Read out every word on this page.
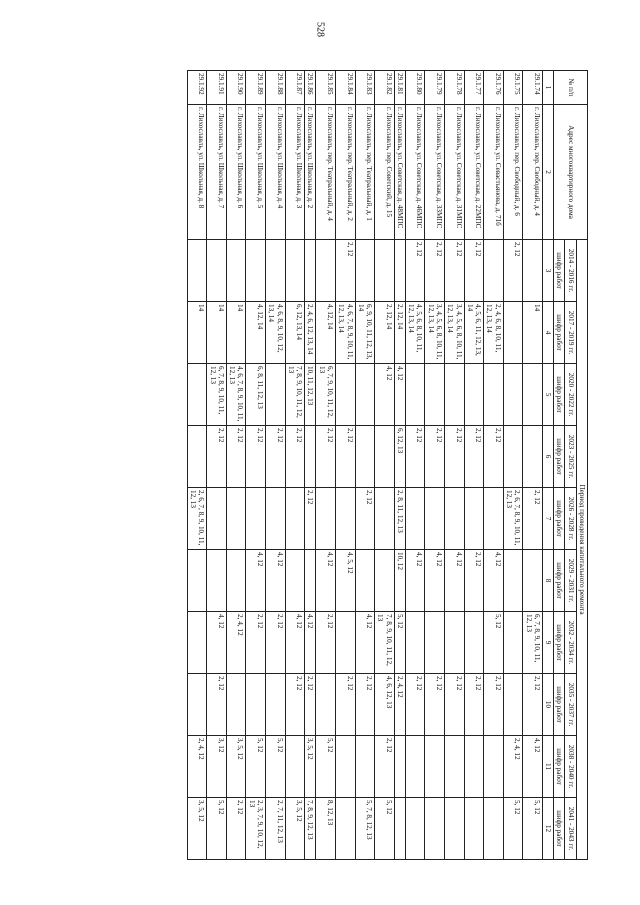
528
№ п/п	Адрес многоквартирного дома	Период проведения капитального ремонта									
		2014 - 2016 гг.	2017 - 2019 гг.	2020 - 2022 гг.	2023 - 2025 гг.	2026 - 2028 гг.	2029 - 2031 гг.	2032 - 2034 гг.	2035 - 2037 гг.	2038 - 2040 гг.	2041 - 2043 гг.
		шифр работ	шифр работ	шифр работ	шифр работ	шифр работ	шифр работ	шифр работ	шифр работ	шифр работ	шифр работ
1	2	3	4	5	6	7	8	9	10	11	12
29.1.74	г. Лихославль, пер. Свободный, д. 4		14			2, 12		6, 7, 8, 9, 10, 11, 12, 13	2, 12	4, 12	5, 12
29.1.75	г. Лихославль, пер. Свободный, д. 6	2, 12				2, 6, 7, 8, 9, 10, 11, 12, 13				2, 4, 12	5, 12
29.1.76	г. Лихославль, ул. Севастьянова, д. 71б		2, 4, 6, 8, 10, 11, 12, 13, 14		2, 12		4, 12	5, 12	2, 12		
29.1.77	г. Лихославль, ул. Советская, д. 22МПС	2, 12	4, 5, 6, 11, 12, 13, 14		2, 12		2, 12		2, 12		
29.1.78	г. Лихославль, ул. Советская, д. 31МПС	2, 12	3, 4, 5, 6, 8, 10, 11, 12, 13, 14		2, 12		4, 12		2, 12		
29.1.79	г. Лихославль, ул. Советская, д. 33МПС	2, 12	3, 4, 5, 6, 8, 10, 11, 12, 13, 14		2, 12		4, 12		2, 12		
29.1.80	г. Лихославль, ул. Советская, д. 46МПС	2, 12	4, 5, 6, 8, 10, 11, 12, 13, 14		2, 12		4, 12		2, 12		
29.1.81	г. Лихославль, ул. Советская, д. 48МПС		2, 12, 14	4, 12	6, 12, 13	2, 8, 11, 12, 13	10, 12	5, 12	2, 4, 12		
29.1.82	г. Лихославль, пер. Советский, д. 15		2, 12, 14	4, 12				7, 8, 9, 10, 11, 12, 13	4, 6, 12, 13	2, 12	5, 12
29.1.83	г. Лихославль, пер. Театральный, д. 1		6, 9, 10, 11, 12, 13, 14			2, 12		4, 12	2, 12		5, 7, 8, 12, 13
29.1.84	г. Лихославль, пер. Театральный, д. 2	2, 12	4, 6, 7, 8, 9, 10, 11, 12, 13, 14		2, 12		4, 5, 12		2, 12		
29.1.85	г. Лихославль, пер. Театральный, д. 4		4, 12, 14	6, 7, 9, 10, 11, 12, 13	2, 12		4, 12	2, 12		5, 12	8, 12, 13
29.1.86	г. Лихославль, ул. Школьная, д. 2		2, 4, 6, 12, 13, 14	10, 11, 12, 13		2, 12		4, 12	2, 12	3, 5, 12	7, 8, 9, 12, 13
29.1.87	г. Лихославль, ул. Школьная, д. 3		6, 12, 13, 14	7, 8, 9, 10, 11, 12, 13	2, 12			4, 12	2, 12		3, 5, 12
29.1.88	г. Лихославль, ул. Школьная, д. 4		4, 6, 8, 9, 10, 12, 13, 14		2, 12		4, 12	2, 12		5, 12	2, 7, 11, 12, 13
29.1.89	г. Лихославль, ул. Школьная, д. 5		4, 12, 14	6, 8, 11, 12, 13	2, 12		4, 12	2, 12		5, 12	2, 3, 7, 9, 10, 12, 13
29.1.90	г. Лихославль, ул. Школьная, д. 6		14	4, 6, 7, 8, 9, 10, 11, 12, 13	2, 12			2, 4, 12		3, 5, 12	2, 12
29.1.91	г. Лихославль, ул. Школьная, д. 7		14	6, 7, 8, 9, 10, 11, 12, 13	2, 12			4, 12	2, 12	3, 12	5, 12
29.1.92	г. Лихославль, ул. Школьная, д. 8		14			2, 6, 7, 8, 9, 10, 11, 12, 13				2, 4, 12	3, 5, 12
